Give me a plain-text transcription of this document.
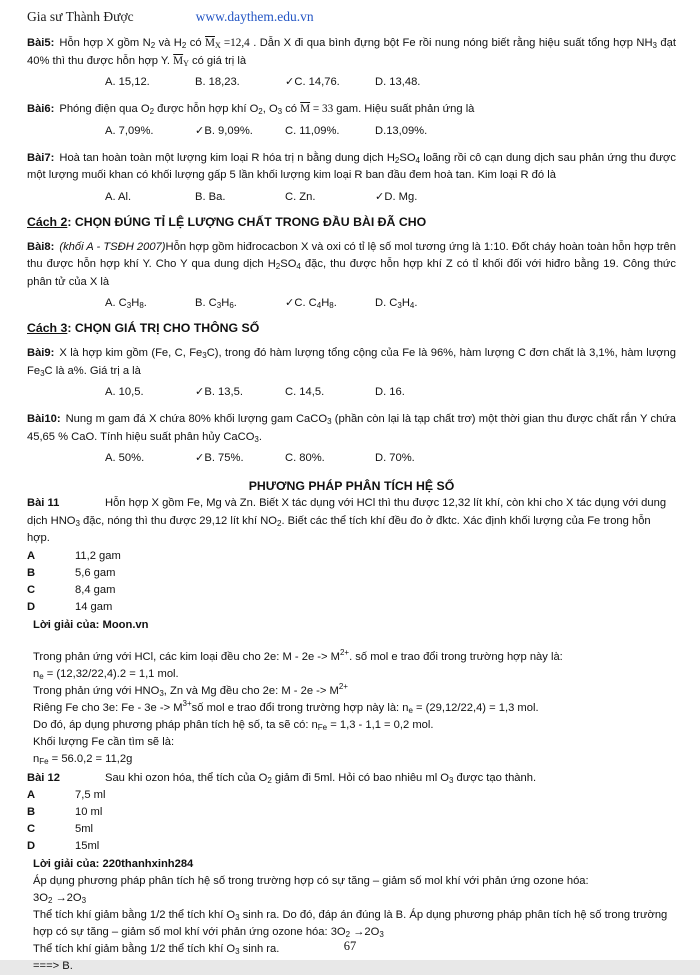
Gia sư Thành Được	www.daythem.edu.vn

Bài5: Hỗn hợp X gồm $N_2$ và $H_2$ có $\overline{M}_X =12,4$ . Dẫn X đi qua bình đựng bột Fe rồi nung nóng biết rằng hiệu suất tổng hợp $NH_3$ đạt 40% thì thu được hỗn hợp Y. $\overline{M}_Y$ có giá trị là

A. 15,12.	B. 18,23.	✓C. 14,76.	D. 13,48.

Bài6: Phóng điện qua $O_2$ được hỗn hợp khí $O_2$, $O_3$ có $\overline{M} = 33$ gam. Hiệu suất phản ứng là

A. 7,09%.	✓B. 9,09%.	C. 11,09%.	D.13,09%.

Bài7: Hoà tan hoàn toàn một lượng kim loại R hóa trị n bằng dung dịch $H_2SO_4$ loãng rồi cô cạn dung dịch sau phản ứng thu được một lượng muối khan có khối lượng gấp 5 lần khối lượng kim loại R ban đầu đem hoà tan. Kim loại R đó là

A. Al.	B. Ba.	C. Zn.	✓D. Mg.

Cách 2: CHỌN ĐÚNG TỈ LỆ LƯỢNG CHẤT TRONG ĐẦU BÀI ĐÃ CHO

Bài8: (khối A - TSĐH 2007)Hỗn hợp gồm hiđrocacbon X và oxi có tỉ lệ số mol tương ứng là 1:10. Đốt cháy hoàn toàn hỗn hợp trên thu được hỗn hợp khí Y. Cho Y qua dung dịch $H_2SO_4$ đặc, thu được hỗn hợp khí Z có tỉ khối đối với hiđro bằng 19. Công thức phân tử của X là

A. $C_3H_8$.	B. $C_3H_6$.	✓C. $C_4H_8$.	D. $C_3H_4$.

Cách 3: CHỌN GIÁ TRỊ CHO THÔNG SỐ

Bài9: X là hợp kim gồm (Fe, C, $Fe_3C$), trong đó hàm lượng tổng cộng của Fe là 96%, hàm lượng C đơn chất là 3,1%, hàm lượng $Fe_3C$ là a%. Giá trị a là

A. 10,5.	✓B. 13,5.	C. 14,5.	D. 16.

Bài10: Nung m gam đá X chứa 80% khối lượng gam CaCO$_3$ (phần còn lại là tạp chất trơ) một thời gian thu được chất rắn Y chứa 45,65 % CaO. Tính hiệu suất phân hủy CaCO$_3$.

A. 50%.	✓B. 75%.	C. 80%.	D. 70%.

PHƯƠNG PHÁP PHÂN TÍCH HỆ SỐ

Bài 11	Hỗn hợp X gồm Fe, Mg và Zn. Biết X tác dụng với HCl thì thu được 12,32 lít khí, còn khi cho X tác dụng với dung dịch $HNO_3$ đặc, nóng thì thu được 29,12 lít khí $NO_2$. Biết các thể tích khí đều đo ở đktc. Xác định khối lượng của Fe trong hỗn hợp.

A	11,2 gam
B	5,6 gam
C	8,4 gam
D	14 gam

Lời giải của: Moon.vn

Trong phản ứng với HCl, các kim loại đều cho 2e: $M - 2e -> M^{2+}$. số mol e trao đổi trong trường hợp này là:

$n_e = (12,32/22,4).2 = 1,1$ mol.

Trong phản ứng với $HNO_3$, Zn và Mg đều cho 2e: $M - 2e -> M^{2+}$

Riêng Fe cho 3e: $Fe - 3e -> M^{3+}số$ mol e trao đổi trong trường hợp này là: $n_e = (29,12/22,4) = 1,3$ mol.

Do đó, áp dụng phương pháp phân tích hệ số, ta sẽ có: $n_{Fe} = 1,3 - 1,1 = 0,2$ mol.

Khối lượng Fe cần tìm sẽ là:

$n_{Fe} = 56.0,2 = 11,2g$

Bài 12	Sau khi ozon hóa, thể tích của $O_2$ giảm đi 5ml. Hỏi có bao nhiêu ml $O_3$ được tạo thành.

A	7,5 ml
B	10 ml
C	5ml
D	15ml

Lời giải của: 220thanhxinh284

Áp dụng phương pháp phân tích hệ số trong trường hợp có sự tăng – giảm số mol khí với phản ứng ozone hóa:

$3O_2 \to 2O_3$

Thể tích khí giảm bằng 1/2 thể tích khí $O_3$ sinh ra. Do đó, đáp án đúng là B. Áp dụng phương pháp phân tích hệ số trong trường hợp có sự tăng – giảm số mol khí với phản ứng ozone hóa: $3O_2 \to 2O_3$

Thể tích khí giảm bằng 1/2 thể tích khí $O_3$ sinh ra.

===> B.

67
